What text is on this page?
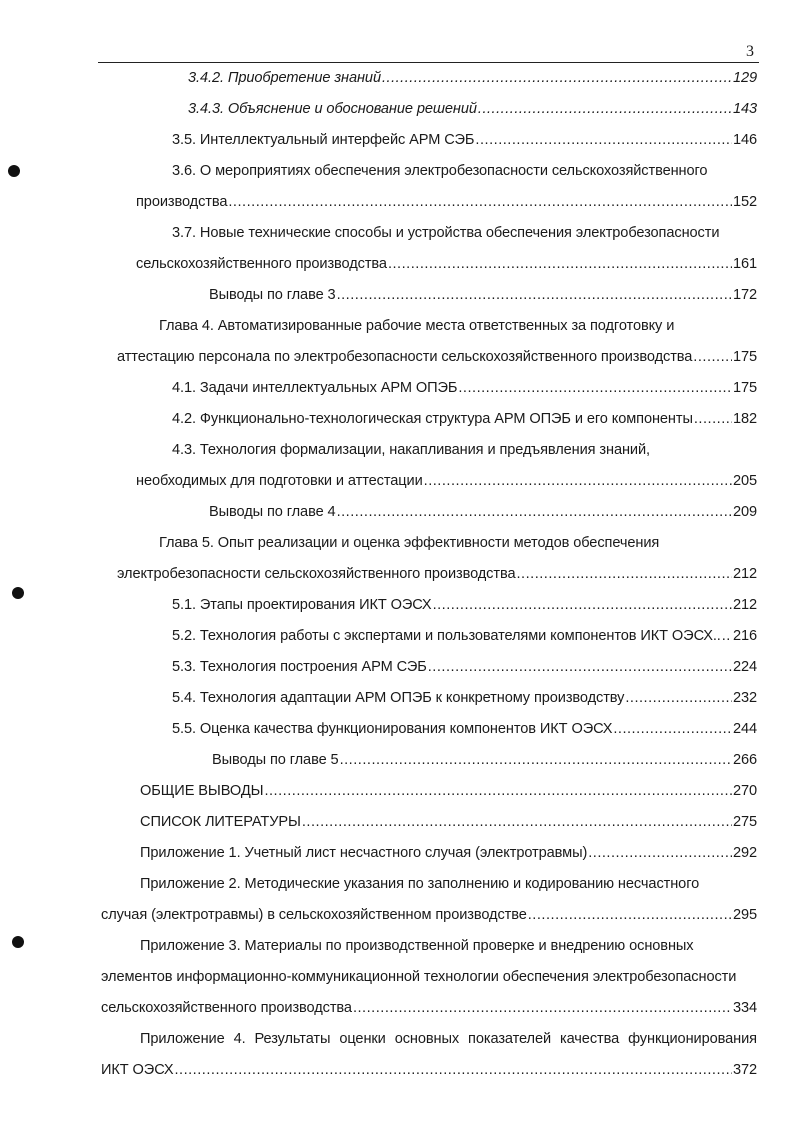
3
3.4.2. Приобретение знаний .....	129
3.4.3. Объяснение и обоснование решений .....	143
3.5. Интеллектуальный интерфейс АРМ СЭБ .....	146
3.6. О мероприятиях обеспечения электробезопасности сельскохозяйственного
производства .....	152
3.7. Новые технические способы и устройства обеспечения электробезопасности
сельскохозяйственного производства .....	161
Выводы по главе 3 .....	172
Глава 4. Автоматизированные рабочие места ответственных за подготовку и
аттестацию персонала по электробезопасности сельскохозяйственного производства .....	175
4.1. Задачи интеллектуальных АРМ ОПЭБ .....	175
4.2. Функционально-технологическая структура АРМ ОПЭБ и его компоненты .....	182
4.3. Технология формализации, накапливания и предъявления знаний,
необходимых для подготовки и аттестации .....	205
Выводы по главе 4 .....	209
Глава 5. Опыт реализации и оценка эффективности методов обеспечения
электробезопасности сельскохозяйственного производства .....	212
5.1. Этапы проектирования ИКТ ОЭСХ .....	212
5.2. Технология работы с экспертами и пользователями компонентов ИКТ ОЭСХ.. ..... 216
5.3. Технология построения АРМ СЭБ .....	224
5.4. Технология адаптации АРМ ОПЭБ к конкретному производству .....	232
5.5. Оценка качества функционирования компонентов ИКТ ОЭСХ .....	244
Выводы по главе 5 .....	266
ОБЩИЕ ВЫВОДЫ .....	270
СПИСОК ЛИТЕРАТУРЫ .....	275
Приложение 1. Учетный лист несчастного случая (электротравмы) .....	292
Приложение 2. Методические указания по заполнению и кодированию несчастного
случая (электротравмы) в сельскохозяйственном производстве .....	295
Приложение 3. Материалы по производственной проверке и внедрению основных
элементов информационно-коммуникационной технологии обеспечения электробезопасности
сельскохозяйственного производства .....	334
Приложение 4. Результаты оценки основных показателей качества функционирования
ИКТ ОЭСХ .....	372
